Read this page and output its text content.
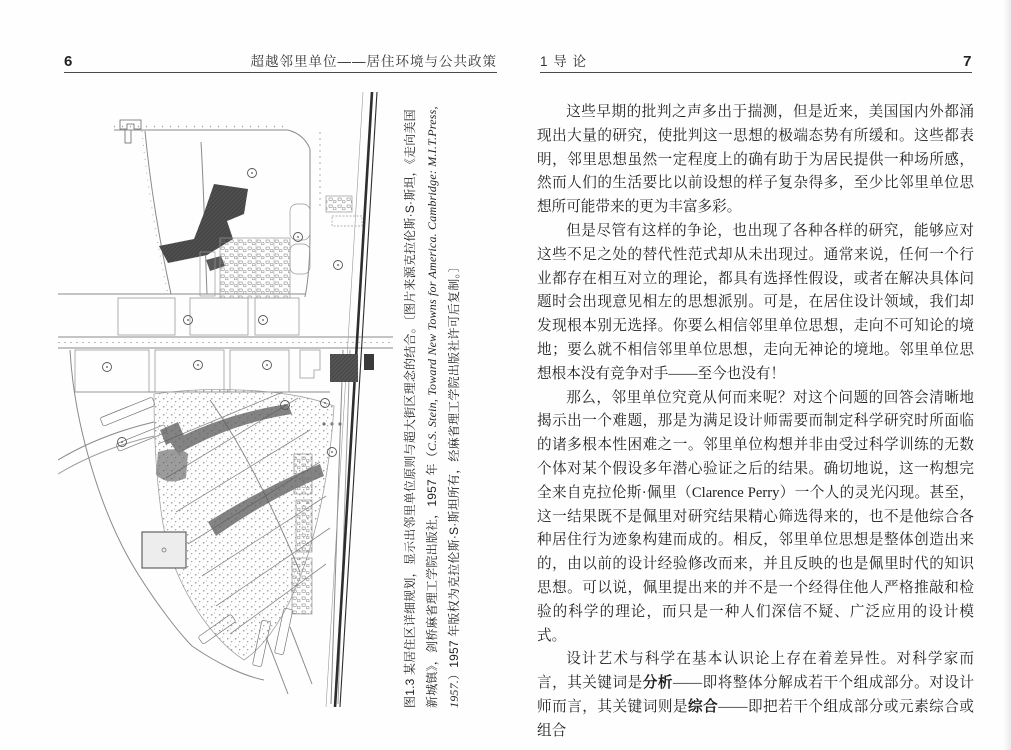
6	超越邻里单位——居住环境与公共政策
图1.3 某居住区详细规划，显示出邻里单位原则与超大街区理念的结合。〔图片来源克拉伦斯·S·斯坦，《走向美国新城镇》，剑桥麻省理工学院出版社，1957 年（C.S. Stein, Toward New Towns for America. Cambridge: M.I.T.Press, 1957.）1957 年版权为克拉伦斯·S·斯坦所有，经麻省理工学院出版社许可后复制。〕
1 导 论	7

这些早期的批判之声多出于揣测，但是近来，美国国内外都涌现出大量的研究，使批判这一思想的极端态势有所缓和。这些都表明，邻里思想虽然一定程度上的确有助于为居民提供一种场所感，然而人们的生活要比以前设想的样子复杂得多，至少比邻里单位思想所可能带来的更为丰富多彩。

但是尽管有这样的争论，也出现了各种各样的研究，能够应对这些不足之处的替代性范式却从未出现过。通常来说，任何一个行业都存在相互对立的理论，都具有选择性假设，或者在解决具体问题时会出现意见相左的思想派别。可是，在居住设计领域，我们却发现根本别无选择。你要么相信邻里单位思想，走向不可知论的境地；要么就不相信邻里单位思想，走向无神论的境地。邻里单位思想根本没有竞争对手——至今也没有！

那么，邻里单位究竟从何而来呢？对这个问题的回答会清晰地揭示出一个难题，那是为满足设计师需要而制定科学研究时所面临的诸多根本性困难之一。邻里单位构想并非由受过科学训练的无数个体对某个假设多年潜心验证之后的结果。确切地说，这一构想完全来自克拉伦斯·佩里（Clarence Perry）一个人的灵光闪现。甚至，这一结果既不是佩里对研究结果精心筛选得来的，也不是他综合各种居住行为迹象构建而成的。相反，邻里单位思想是整体创造出来的，由以前的设计经验修改而来，并且反映的也是佩里时代的知识思想。可以说，佩里提出来的并不是一个经得住他人严格推敲和检验的科学的理论，而只是一种人们深信不疑、广泛应用的设计模式。

设计艺术与科学在基本认识论上存在着差异性。对科学家而言，其关键词是分析——即将整体分解成若干个组成部分。对设计师而言，其关键词则是综合——即把若干个组成部分或元素综合或组合
